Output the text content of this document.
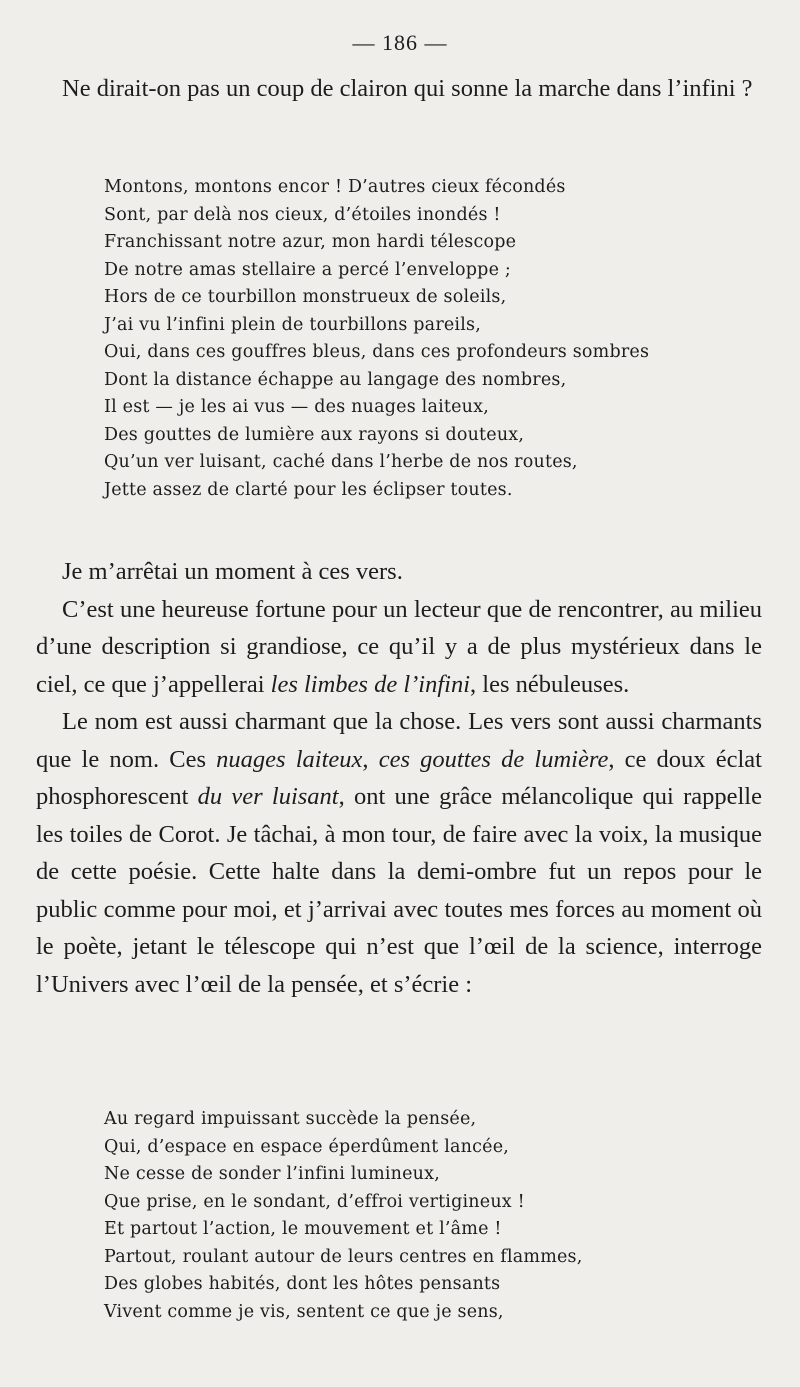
— 186 —

Ne dirait-on pas un coup de clairon qui sonne la marche dans l’infini ?

Montons, montons encor ! D’autres cieux fécondés
Sont, par delà nos cieux, d’étoiles inondés !
Franchissant notre azur, mon hardi télescope
De notre amas stellaire a percé l’enveloppe ;
Hors de ce tourbillon monstrueux de soleils,
J’ai vu l’infini plein de tourbillons pareils,
Oui, dans ces gouffres bleus, dans ces profondeurs sombres
Dont la distance échappe au langage des nombres,
Il est — je les ai vus — des nuages laiteux,
Des gouttes de lumière aux rayons si douteux,
Qu’un ver luisant, caché dans l’herbe de nos routes,
Jette assez de clarté pour les éclipser toutes.

Je m’arrêtai un moment à ces vers.

C’est une heureuse fortune pour un lecteur que de rencontrer, au milieu d’une description si grandiose, ce qu’il y a de plus mystérieux dans le ciel, ce que j’appellerai les limbes de l’infini, les nébuleuses.

Le nom est aussi charmant que la chose. Les vers sont aussi charmants que le nom. Ces nuages laiteux, ces gouttes de lumière, ce doux éclat phosphorescent du ver luisant, ont une grâce mélancolique qui rappelle les toiles de Corot. Je tâchai, à mon tour, de faire avec la voix, la musique de cette poésie. Cette halte dans la demi-ombre fut un repos pour le public comme pour moi, et j’arrivai avec toutes mes forces au moment où le poète, jetant le télescope qui n’est que l’œil de la science, interroge l’Univers avec l’œil de la pensée, et s’écrie :

Au regard impuissant succède la pensée,
Qui, d’espace en espace éperdûment lancée,
Ne cesse de sonder l’infini lumineux,
Que prise, en le sondant, d’effroi vertigineux !
Et partout l’action, le mouvement et l’âme !
Partout, roulant autour de leurs centres en flammes,
Des globes habités, dont les hôtes pensants
Vivent comme je vis, sentent ce que je sens,
